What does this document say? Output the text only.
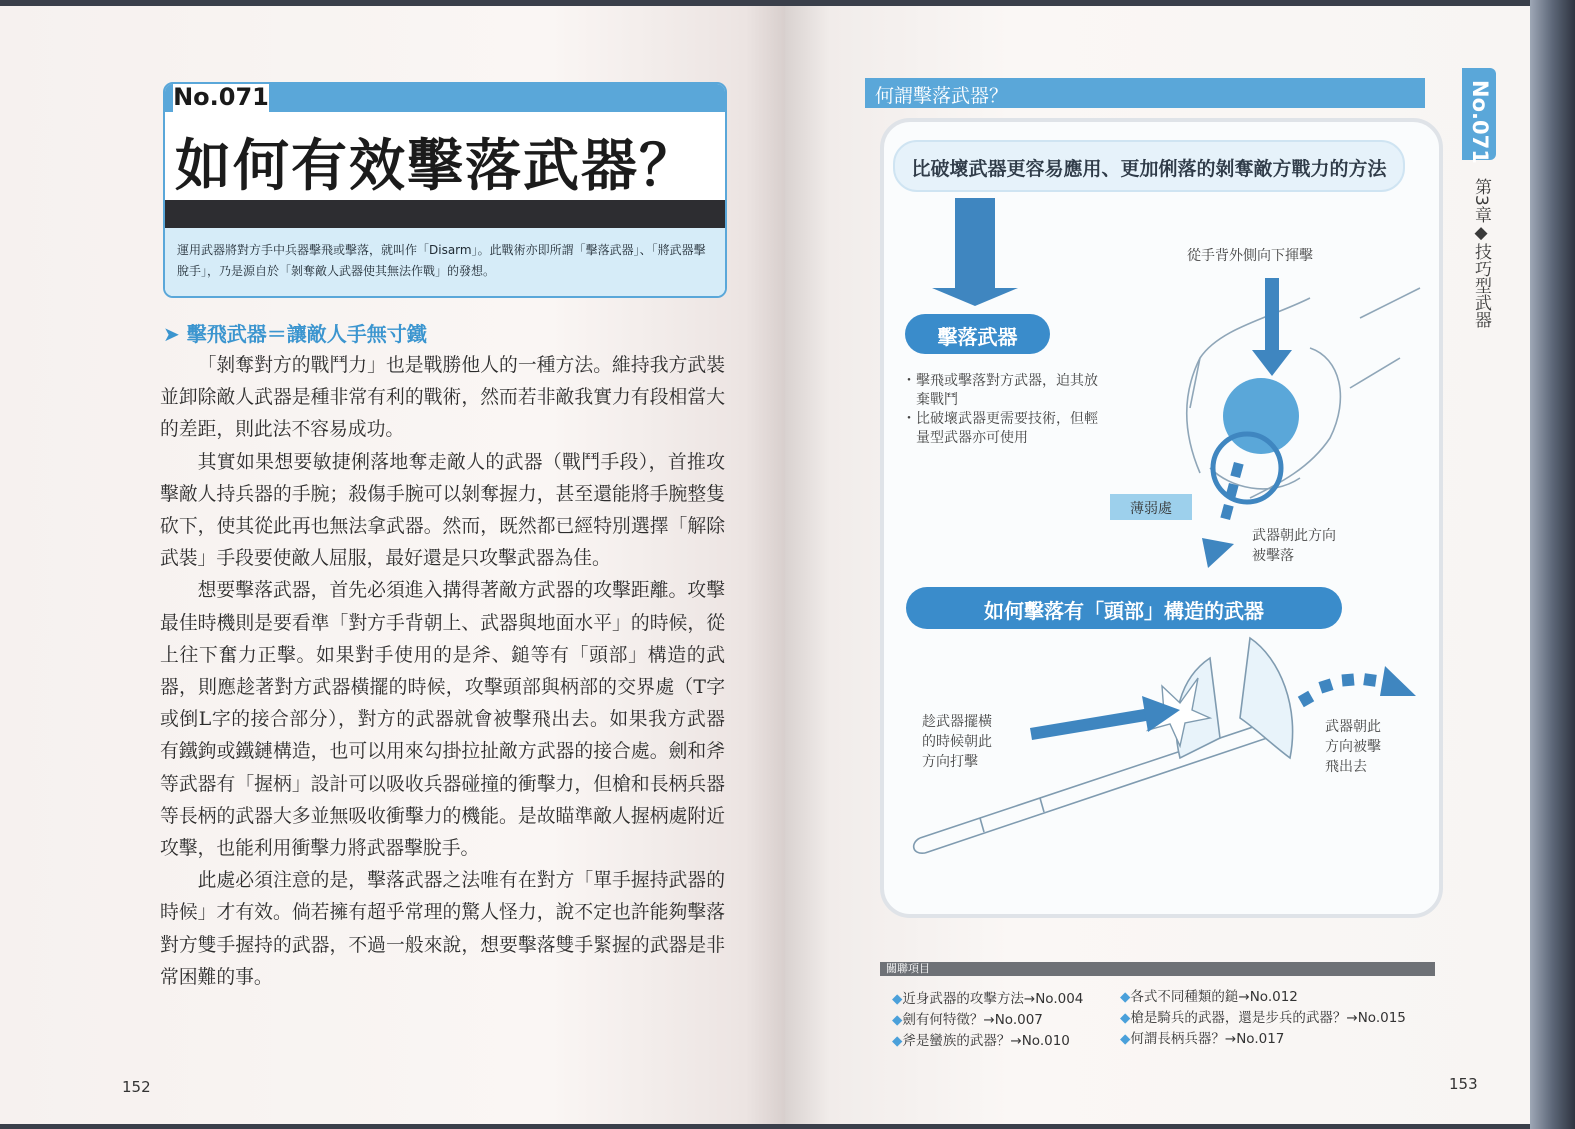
No.071
如何有效擊落武器？

運用武器將對方手中兵器擊飛或擊落，就叫作「Disarm」。此戰術亦即所謂「擊落武器」、「將武器擊脫手」，乃是源自於「剝奪敵人武器使其無法作戰」的發想。

➤ 擊飛武器＝讓敵人手無寸鐵

「剝奪對方的戰鬥力」也是戰勝他人的一種方法。維持我方武裝並卸除敵人武器是種非常有利的戰術，然而若非敵我實力有段相當大的差距，則此法不容易成功。

其實如果想要敏捷俐落地奪走敵人的武器（戰鬥手段），首推攻擊敵人持兵器的手腕；殺傷手腕可以剝奪握力，甚至還能將手腕整隻砍下，使其從此再也無法拿武器。然而，既然都已經特別選擇「解除武裝」手段要使敵人屈服，最好還是只攻擊武器為佳。

想要擊落武器，首先必須進入搆得著敵方武器的攻擊距離。攻擊最佳時機則是要看準「對方手背朝上、武器與地面水平」的時候，從上往下奮力正擊。如果對手使用的是斧、鎚等有「頭部」構造的武器，則應趁著對方武器橫擺的時候，攻擊頭部與柄部的交界處（T字或倒L字的接合部分），對方的武器就會被擊飛出去。如果我方武器有鐵鉤或鐵鏈構造，也可以用來勾掛拉扯敵方武器的接合處。劍和斧等武器有「握柄」設計可以吸收兵器碰撞的衝擊力，但槍和長柄兵器等長柄的武器大多並無吸收衝擊力的機能。是故瞄準敵人握柄處附近攻擊，也能利用衝擊力將武器擊脫手。

此處必須注意的是，擊落武器之法唯有在對方「單手握持武器的時候」才有效。倘若擁有超乎常理的驚人怪力，說不定也許能夠擊落對方雙手握持的武器，不過一般來說，想要擊落雙手緊握的武器是非常困難的事。

152
何謂擊落武器？	No.071
第3章◆技巧型武器
比破壞武器更容易應用、更加俐落的剝奪敵方戰力的方法
擊落武器
・擊飛或擊落對方武器，迫其放棄戰鬥
・比破壞武器更需要技術，但輕量型武器亦可使用
從手背外側向下揮擊
薄弱處
武器朝此方向
被擊落
如何擊落有「頭部」構造的武器
趁武器擺橫
的時候朝此
方向打擊
武器朝此
方向被擊
飛出去
關聯項目
◆近身武器的攻擊方法→No.004
◆劍有何特徵？→No.007
◆斧是蠻族的武器？→No.010
◆各式不同種類的鎚→No.012
◆槍是騎兵的武器，還是步兵的武器？→No.015
◆何謂長柄兵器？→No.017
153
